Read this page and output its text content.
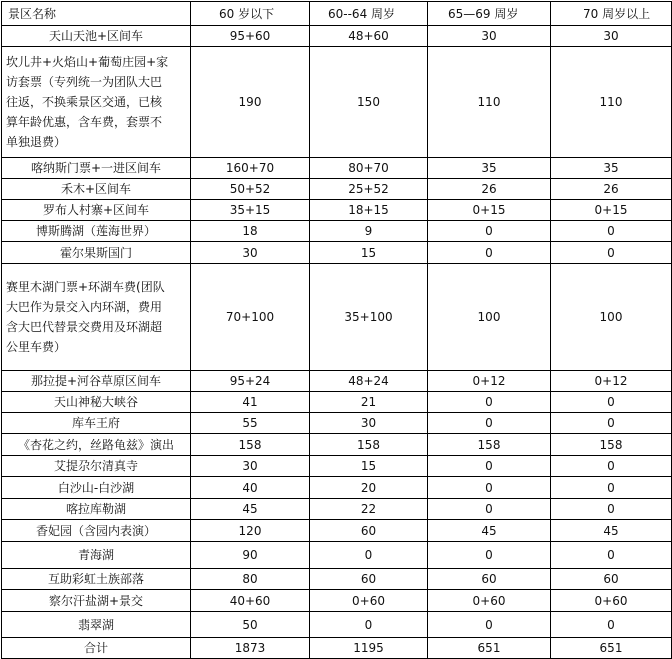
景区名称	60 岁以下	60--64 周岁	65—69 周岁	70 周岁以上
天山天池+区间车	95+60	48+60	30	30

坎儿井+火焰山+葡萄庄园+家
访套票（专列统一为团队大巴
往返，不换乘景区交通，已核
算年龄优惠，含车费，套票不
单独退费）	190	150	110	110
喀纳斯门票+一进区间车	160+70	80+70	35	35
禾木+区间车	50+52	25+52	26	26
罗布人村寨+区间车	35+15	18+15	0+15	0+15
博斯腾湖（莲海世界）	18	9	0	0
霍尔果斯国门	30	15	0	0

赛里木湖门票+环湖车费(团队
大巴作为景交入内环湖，费用
含大巴代替景交费用及环湖超
公里车费）	70+100	35+100	100	100
那拉提+河谷草原区间车	95+24	48+24	0+12	0+12
天山神秘大峡谷	41	21	0	0
库车王府	55	30	0	0
《杏花之约，丝路龟兹》演出	158	158	158	158
艾提尕尔清真寺	30	15	0	0
白沙山-白沙湖	40	20	0	0
喀拉库勒湖	45	22	0	0
香妃园（含园内表演）	120	60	45	45
青海湖	90	0	0	0
互助彩虹土族部落	80	60	60	60
察尔汗盐湖+景交	40+60	0+60	0+60	0+60
翡翠湖	50	0	0	0
合计	1873	1195	651	651
